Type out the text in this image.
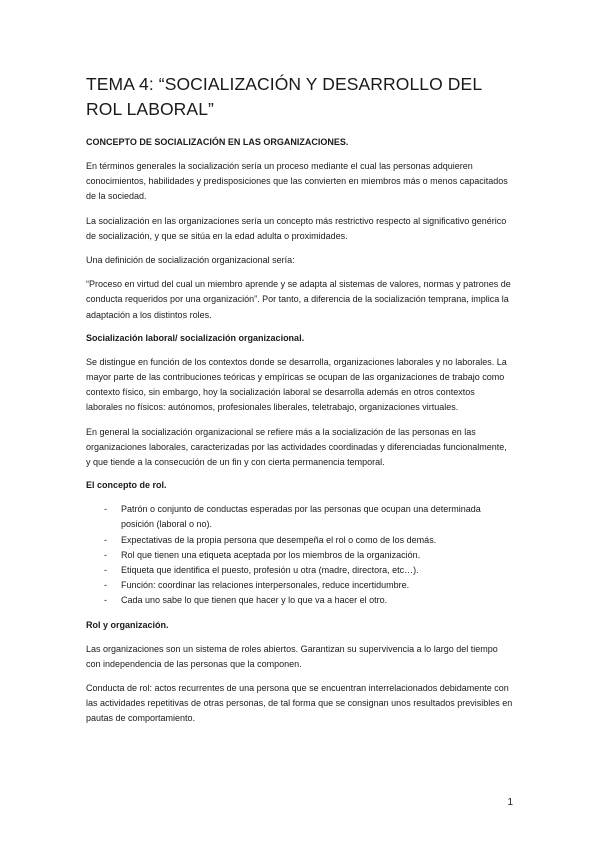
TEMA 4: “SOCIALIZACIÓN Y DESARROLLO DEL ROL LABORAL”
CONCEPTO DE SOCIALIZACIÓN EN LAS ORGANIZACIONES.

En términos generales la socialización sería un proceso mediante el cual las personas adquieren conocimientos, habilidades y predisposiciones que las convierten en miembros más o menos capacitados de la sociedad.

La socialización en las organizaciones sería un concepto más restrictivo respecto al significativo genérico de socialización, y que se sitúa en la edad adulta o proximidades.

Una definición de socialización organizacional sería:

“Proceso en virtud del cual un miembro aprende y se adapta al sistemas de valores, normas y patrones de conducta requeridos por una organización”. Por tanto, a diferencia de la socialización temprana, implica la adaptación a los distintos roles.

Socialización laboral/ socialización organizacional.

Se distingue en función de los contextos donde se desarrolla, organizaciones laborales y no laborales. La mayor parte de las contribuciones teóricas y empíricas se ocupan de las organizaciones de trabajo como contexto físico, sin embargo, hoy la socialización laboral se desarrolla además en otros contextos laborales no físicos: autónomos, profesionales liberales, teletrabajo, organizaciones virtuales.

En general la socialización organizacional se refiere más a la socialización de las personas en las organizaciones laborales, caracterizadas por las actividades coordinadas y diferenciadas funcionalmente, y que tiende a la consecución de un fin y con cierta permanencia temporal.

El concepto de rol.
- Patrón o conjunto de conductas esperadas por las personas que ocupan una determinada posición (laboral o no).
- Expectativas de la propia persona que desempeña el rol o como de los demás.
- Rol que tienen una etiqueta aceptada por los miembros de la organización.
- Etiqueta que identifica el puesto, profesión u otra (madre, directora, etc…).
- Función: coordinar las relaciones interpersonales, reduce incertidumbre.
- Cada uno sabe lo que tienen que hacer y lo que va a hacer el otro.
Rol y organización.

Las organizaciones son un sistema de roles abiertos. Garantizan su supervivencia a lo largo del tiempo con independencia de las personas que la componen.

Conducta de rol: actos recurrentes de una persona que se encuentran interrelacionados debidamente con las actividades repetitivas de otras personas, de tal forma que se consignan unos resultados previsibles en pautas de comportamiento.

1
